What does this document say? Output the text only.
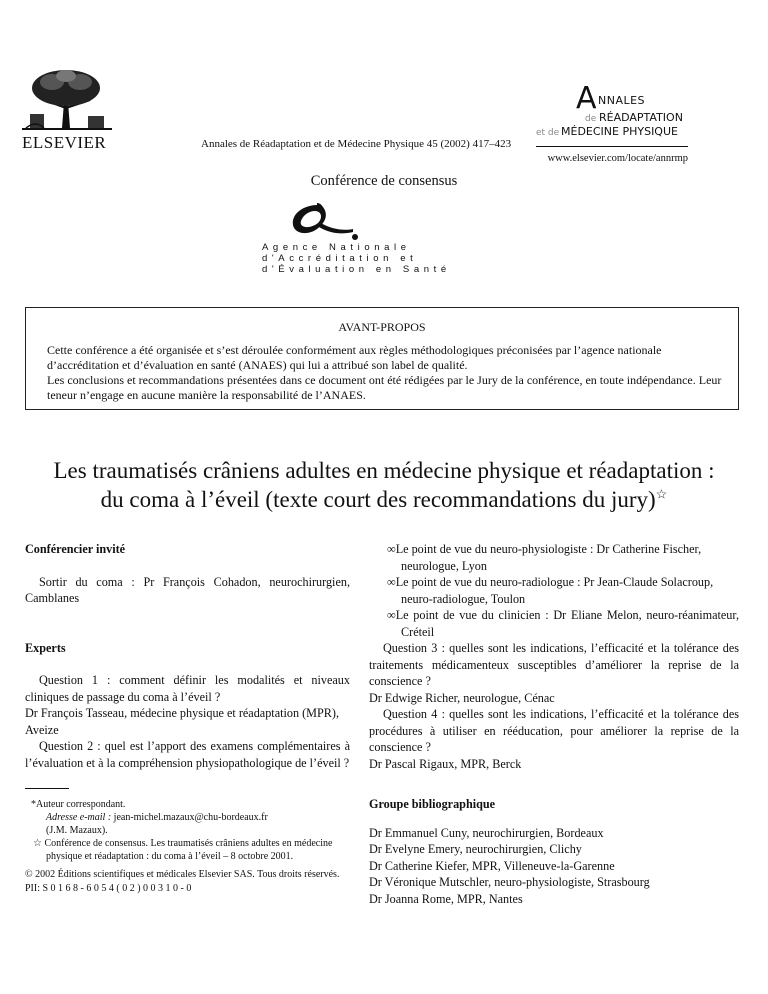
ELSEVIER	Annales de Réadaptation et de Médecine Physique 45 (2002) 417–423
A NNALES
de RÉADAPTATION
et de MÉDECINE PHYSIQUE
www.elsevier.com/locate/annrmp
Conférence de consensus
Agence Nationale
d'Accréditation et
d'Évaluation en Santé
AVANT-PROPOS

Cette conférence a été organisée et s’est déroulée conformément aux règles méthodologiques préconisées par l’agence nationale d’accréditation et d’évaluation en santé (ANAES) qui lui a attribué son label de qualité.

Les conclusions et recommandations présentées dans ce document ont été rédigées par le Jury de la conférence, en toute indépendance. Leur teneur n’engage en aucune manière la responsabilité de l’ANAES.

Les traumatisés crâniens adultes en médecine physique et réadaptation :
du coma à l’éveil (texte court des recommandations du jury)☆

Conférencier invité

Sortir du coma : Pr François Cohadon, neurochirurgien, Camblanes

Experts

Question 1 : comment définir les modalités et niveaux cliniques de passage du coma à l’éveil ?

Dr François Tasseau, médecine physique et réadaptation (MPR), Aveize

Question 2 : quel est l’apport des examens complémentaires à l’évaluation et à la compréhension physiopathologique de l’éveil ?

∞Le point de vue du neuro-physiologiste : Dr Catherine Fischer, neurologue, Lyon

∞Le point de vue du neuro-radiologue : Pr Jean-Claude Solacroup, neuro-radiologue, Toulon

∞Le point de vue du clinicien : Dr Eliane Melon, neuro-réanimateur, Créteil

Question 3 : quelles sont les indications, l’efficacité et la tolérance des traitements médicamenteux susceptibles d’améliorer la reprise de la conscience ?

Dr Edwige Richer, neurologue, Cénac

Question 4 : quelles sont les indications, l’efficacité et la tolérance des procédures à utiliser en rééducation, pour améliorer la reprise de la conscience ?

Dr Pascal Rigaux, MPR, Berck

Groupe bibliographique

Dr Emmanuel Cuny, neurochirurgien, Bordeaux

Dr Evelyne Emery, neurochirurgien, Clichy

Dr Catherine Kiefer, MPR, Villeneuve-la-Garenne

Dr Véronique Mutschler, neuro-physiologiste, Strasbourg

Dr Joanna Rome, MPR, Nantes

*Auteur correspondant.

Adresse e-mail : jean-michel.mazaux@chu-bordeaux.fr

(J.M. Mazaux).

☆ Conférence de consensus. Les traumatisés crâniens adultes en médecine physique et réadaptation : du coma à l’éveil – 8 octobre 2001.

© 2002 Éditions scientifiques et médicales Elsevier SAS. Tous droits réservés.

PII: S 0 1 6 8 - 6 0 5 4 ( 0 2 ) 0 0 3 1 0 - 0
